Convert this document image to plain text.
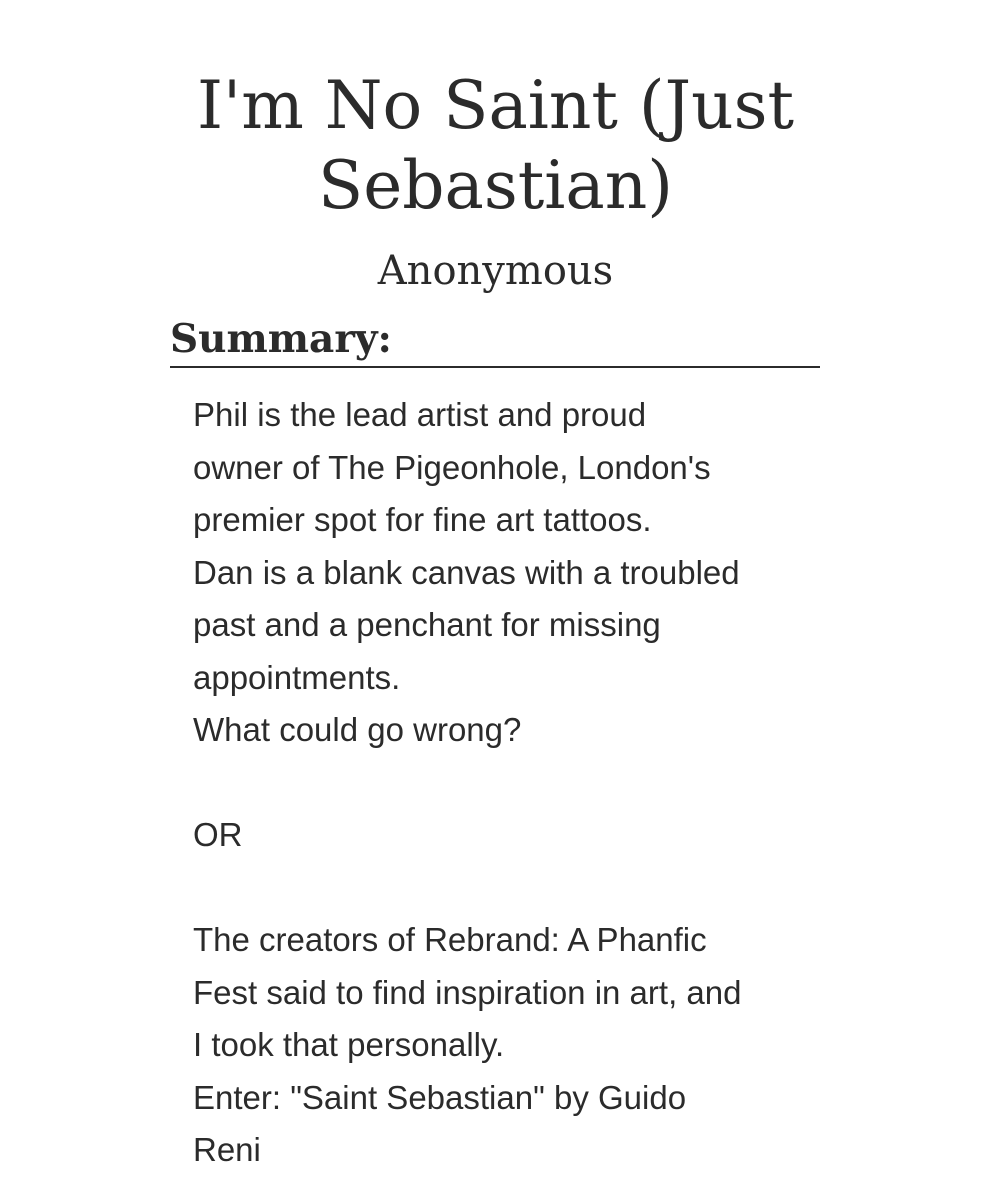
I'm No Saint (Just
Sebastian)
Anonymous
Summary:
Phil is the lead artist and proud
owner of The Pigeonhole, London's
premier spot for fine art tattoos.
Dan is a blank canvas with a troubled
past and a penchant for missing
appointments.
What could go wrong?
OR
The creators of Rebrand: A Phanfic
Fest said to find inspiration in art, and
I took that personally.
Enter: "Saint Sebastian" by Guido
Reni
